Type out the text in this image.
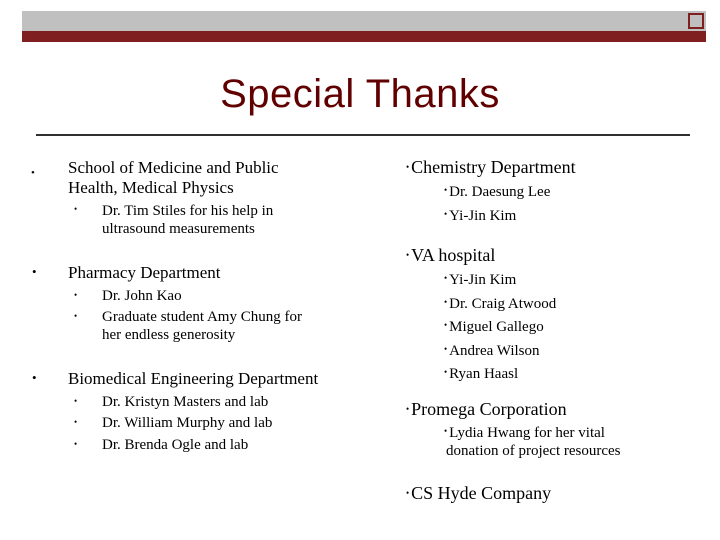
Special Thanks
• School of Medicine and Public
Health, Medical Physics
• Dr. Tim Stiles for his help in
ultrasound measurements
• Pharmacy Department
• Dr. John Kao
• Graduate student Amy Chung for
her endless generosity
• Biomedical Engineering Department
• Dr. Kristyn Masters and lab
• Dr. William Murphy and lab
• Dr. Brenda Ogle and lab
• Chemistry Department
• Dr. Daesung Lee
• Yi-Jin Kim
• VA hospital
• Yi-Jin Kim
• Dr. Craig Atwood
• Miguel Gallego
• Andrea Wilson
• Ryan Haasl
• Promega Corporation
• Lydia Hwang for her vital
donation of project resources
• CS Hyde Company
